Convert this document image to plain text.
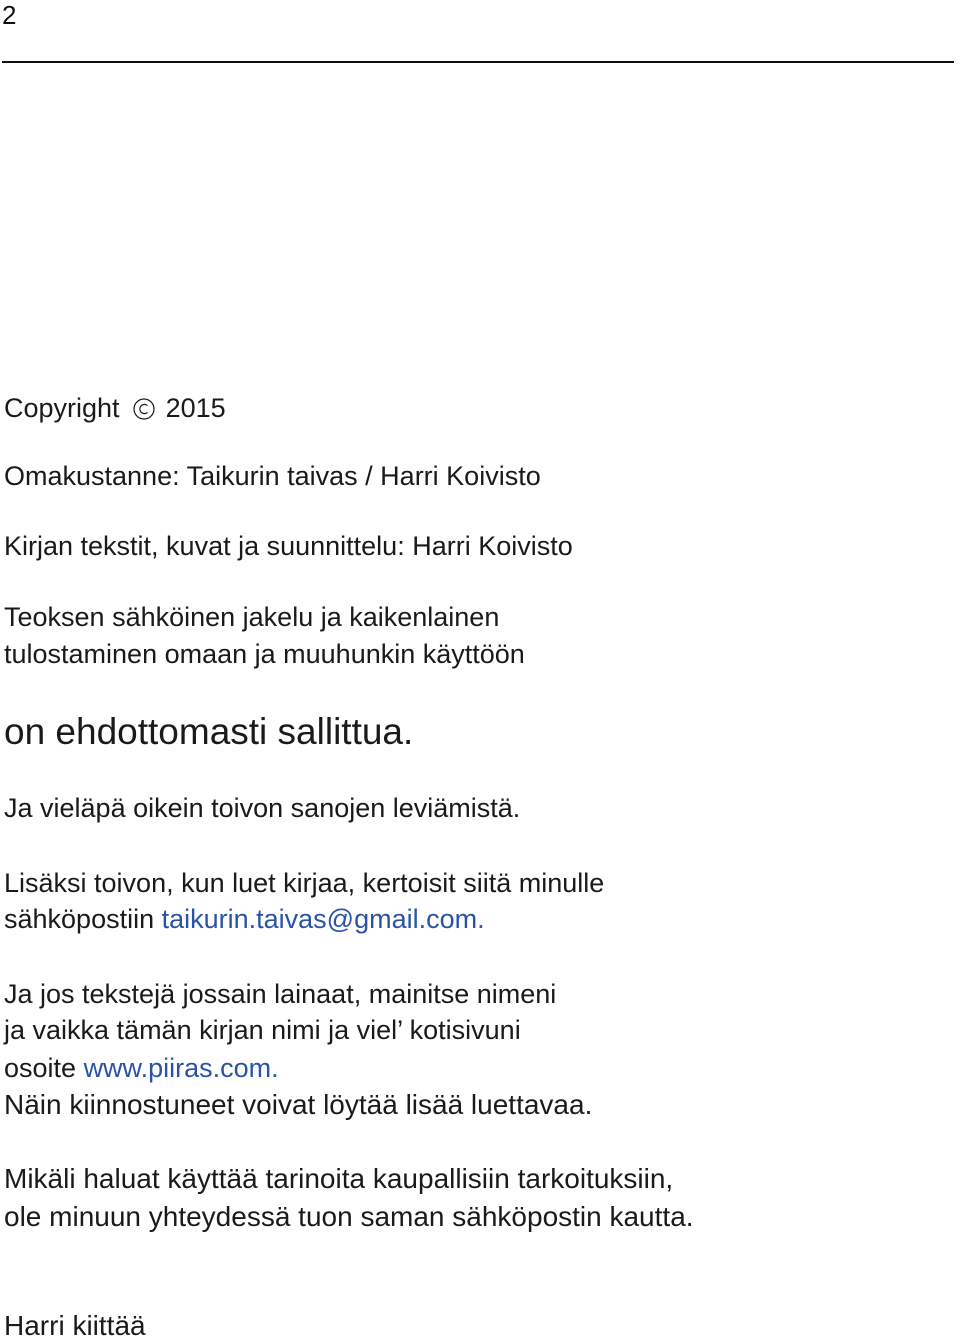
2
Copyright 2015
Omakustanne: Taikurin taivas / Harri Koivisto
Kirjan tekstit, kuvat ja suunnittelu: Harri Koivisto
Teoksen sähköinen jakelu ja kaikenlainen
tulostaminen omaan ja muuhunkin käyttöön
on ehdottomasti sallittua.
Ja vieläpä oikein toivon sanojen leviämistä.
Lisäksi toivon, kun luet kirjaa, kertoisit siitä minulle
sähköpostiin taikurin.taivas@gmail.com.
Ja jos tekstejä jossain lainaat, mainitse nimeni
ja vaikka tämän kirjan nimi ja viel’ kotisivuni
osoite www.piiras.com.
Näin kiinnostuneet voivat löytää lisää luettavaa.
Mikäli haluat käyttää tarinoita kaupallisiin tarkoituksiin,
ole minuun yhteydessä tuon saman sähköpostin kautta.
Harri kiittää
